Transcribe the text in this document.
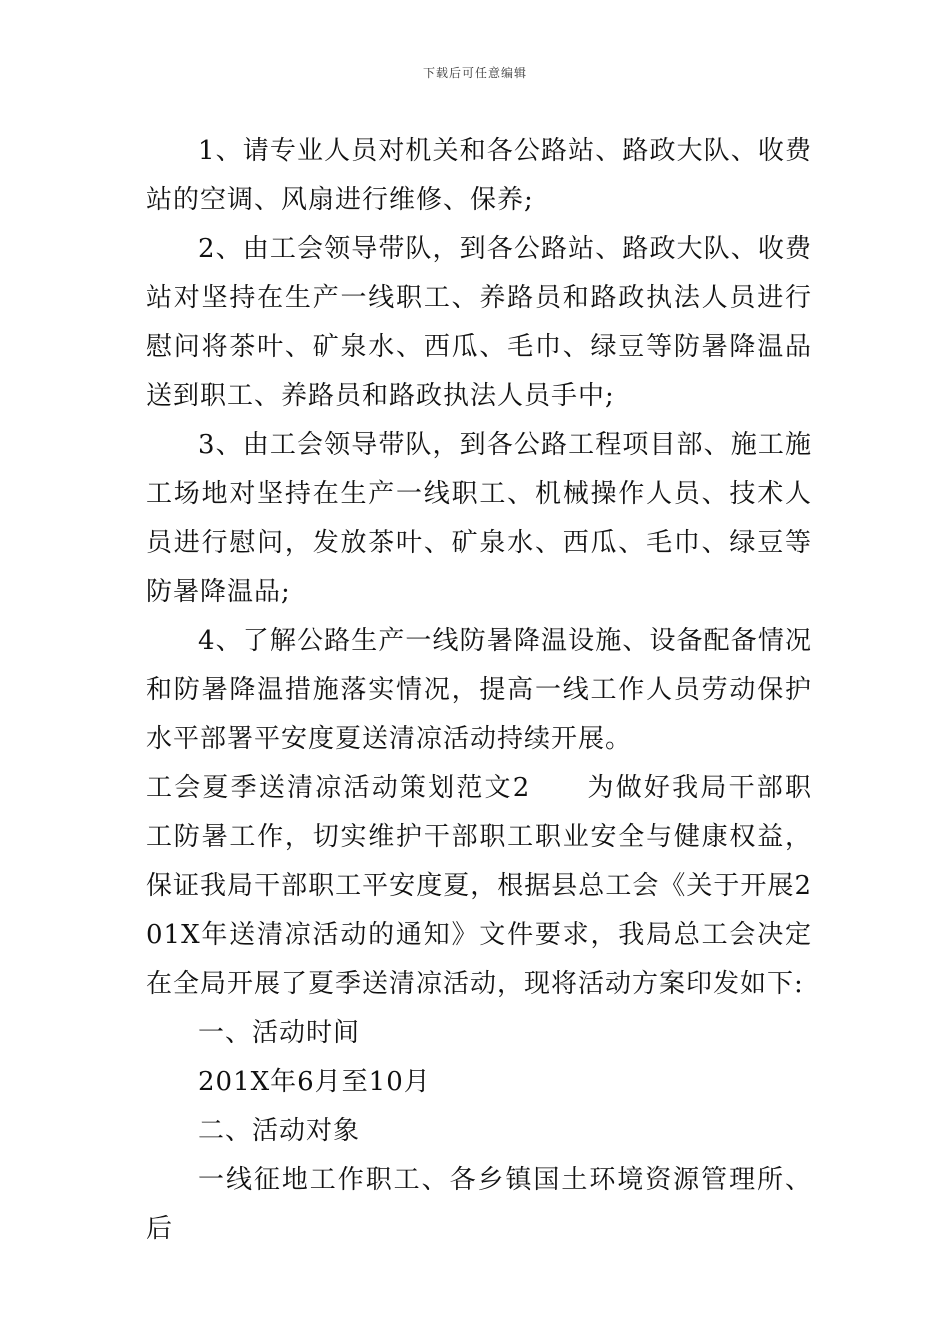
下载后可任意编辑

1、请专业人员对机关和各公路站、路政大队、收费站的空调、风扇进行维修、保养;

2、由工会领导带队，到各公路站、路政大队、收费站对坚持在生产一线职工、养路员和路政执法人员进行慰问将茶叶、矿泉水、西瓜、毛巾、绿豆等防暑降温品送到职工、养路员和路政执法人员手中;

3、由工会领导带队，到各公路工程项目部、施工施工场地对坚持在生产一线职工、机械操作人员、技术人员进行慰问，发放茶叶、矿泉水、西瓜、毛巾、绿豆等防暑降温品;

4、了解公路生产一线防暑降温设施、设备配备情况和防暑降温措施落实情况，提高一线工作人员劳动保护水平部署平安度夏送清凉活动持续开展。

工会夏季送清凉活动策划范文2 为做好我局干部职工防暑工作，切实维护干部职工职业安全与健康权益，保证我局干部职工平安度夏，根据县总工会《关于开展201X年送清凉活动的通知》文件要求，我局总工会决定在全局开展了夏季送清凉活动，现将活动方案印发如下:

一、活动时间

201X年6月至10月

二、活动对象

一线征地工作职工、各乡镇国土环境资源管理所、后
